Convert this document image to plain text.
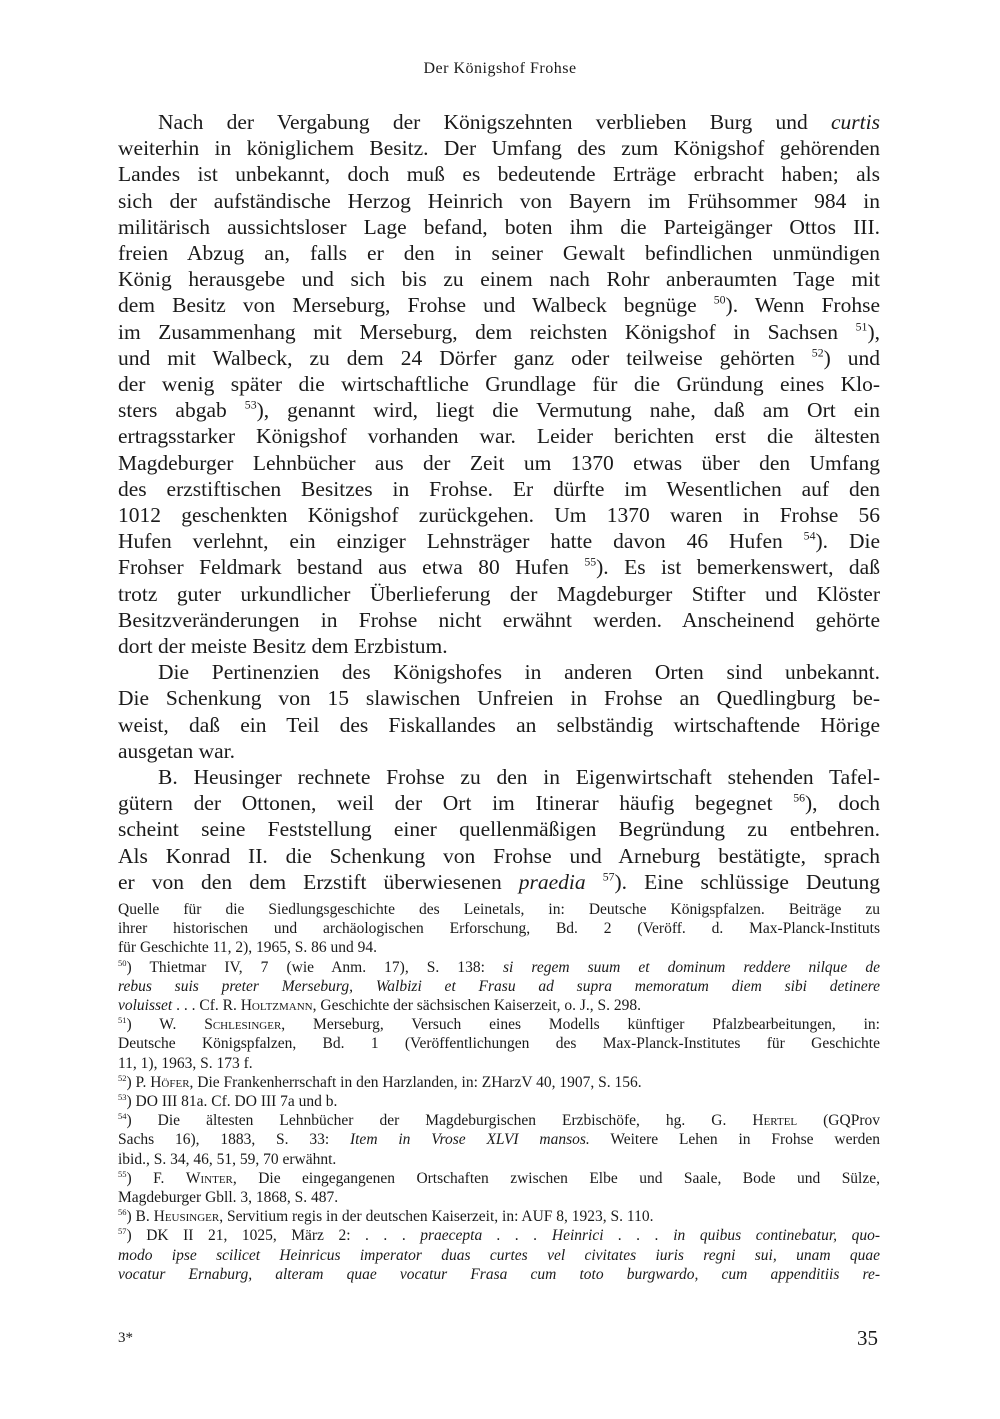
Der Königshof Frohse
Nach der Vergabung der Königszehnten verblieben Burg und curtis
weiterhin in königlichem Besitz. Der Umfang des zum Königshof gehörenden
Landes ist unbekannt, doch muß es bedeutende Erträge erbracht haben; als
sich der aufständische Herzog Heinrich von Bayern im Frühsommer 984 in
militärisch aussichtsloser Lage befand, boten ihm die Parteigänger Ottos III.
freien Abzug an, falls er den in seiner Gewalt befindlichen unmündigen
König herausgebe und sich bis zu einem nach Rohr anberaumten Tage mit
dem Besitz von Merseburg, Frohse und Walbeck begnüge $^{50}$). Wenn Frohse
im Zusammenhang mit Merseburg, dem reichsten Königshof in Sachsen $^{51}$),
und mit Walbeck, zu dem 24 Dörfer ganz oder teilweise gehörten $^{52}$) und
der wenig später die wirtschaftliche Grundlage für die Gründung eines Klo-
sters abgab $^{53}$), genannt wird, liegt die Vermutung nahe, daß am Ort ein
ertragsstarker Königshof vorhanden war. Leider berichten erst die ältesten
Magdeburger Lehnbücher aus der Zeit um 1370 etwas über den Umfang
des erzstiftischen Besitzes in Frohse. Er dürfte im Wesentlichen auf den
1012 geschenkten Königshof zurückgehen. Um 1370 waren in Frohse 56
Hufen verlehnt, ein einziger Lehnsträger hatte davon 46 Hufen $^{54}$). Die
Frohser Feldmark bestand aus etwa 80 Hufen $^{55}$). Es ist bemerkenswert, daß
trotz guter urkundlicher Überlieferung der Magdeburger Stifter und Klöster
Besitzveränderungen in Frohse nicht erwähnt werden. Anscheinend gehörte
dort der meiste Besitz dem Erzbistum.
Die Pertinenzien des Königshofes in anderen Orten sind unbekannt.
Die Schenkung von 15 slawischen Unfreien in Frohse an Quedlingburg be-
weist, daß ein Teil des Fiskallandes an selbständig wirtschaftende Hörige
ausgetan war.
B. Heusinger rechnete Frohse zu den in Eigenwirtschaft stehenden Tafel-
gütern der Ottonen, weil der Ort im Itinerar häufig begegnet $^{56}$), doch
scheint seine Feststellung einer quellenmäßigen Begründung zu entbehren.
Als Konrad II. die Schenkung von Frohse und Arneburg bestätigte, sprach
er von den dem Erzstift überwiesenen praedia $^{57}$). Eine schlüssige Deutung
Quelle für die Siedlungsgeschichte des Leinetals, in: Deutsche Königspfalzen. Beiträge zu
ihrer historischen und archäologischen Erforschung, Bd. 2 (Veröff. d. Max-Planck-Instituts
für Geschichte 11, 2), 1965, S. 86 und 94.
$^{50}$) Thietmar IV, 7 (wie Anm. 17), S. 138: si regem suum et dominum reddere nilque de
rebus suis preter Merseburg, Walbizi et Frasu ad supra memoratum diem sibi detinere
voluisset . . . Cf. R. Holtzmann, Geschichte der sächsischen Kaiserzeit, o. J., S. 298.
$^{51}$) W. Schlesinger, Merseburg, Versuch eines Modells künftiger Pfalzbearbeitungen, in:
Deutsche Königspfalzen, Bd. 1 (Veröffentlichungen des Max-Planck-Institutes für Geschichte
11, 1), 1963, S. 173 f.
$^{52}$) P. Höfer, Die Frankenherrschaft in den Harzlanden, in: ZHarzV 40, 1907, S. 156.
$^{53}$) DO III 81a. Cf. DO III 7a und b.
$^{54}$) Die ältesten Lehnbücher der Magdeburgischen Erzbischöfe, hg. G. Hertel (GQProv
Sachs 16), 1883, S. 33: Item in Vrose XLVI mansos. Weitere Lehen in Frohse werden
ibid., S. 34, 46, 51, 59, 70 erwähnt.
$^{55}$) F. Winter, Die eingegangenen Ortschaften zwischen Elbe und Saale, Bode und Sülze,
Magdeburger Gbll. 3, 1868, S. 487.
$^{56}$) B. Heusinger, Servitium regis in der deutschen Kaiserzeit, in: AUF 8, 1923, S. 110.
$^{57}$) DK II 21, 1025, März 2: . . . praecepta . . . Heinrici . . . in quibus continebatur, quo-
modo ipse scilicet Heinricus imperator duas curtes vel civitates iuris regni sui, unam quae
vocatur Ernaburg, alteram quae vocatur Frasa cum toto burgwardo, cum appenditiis re-
3*	35
